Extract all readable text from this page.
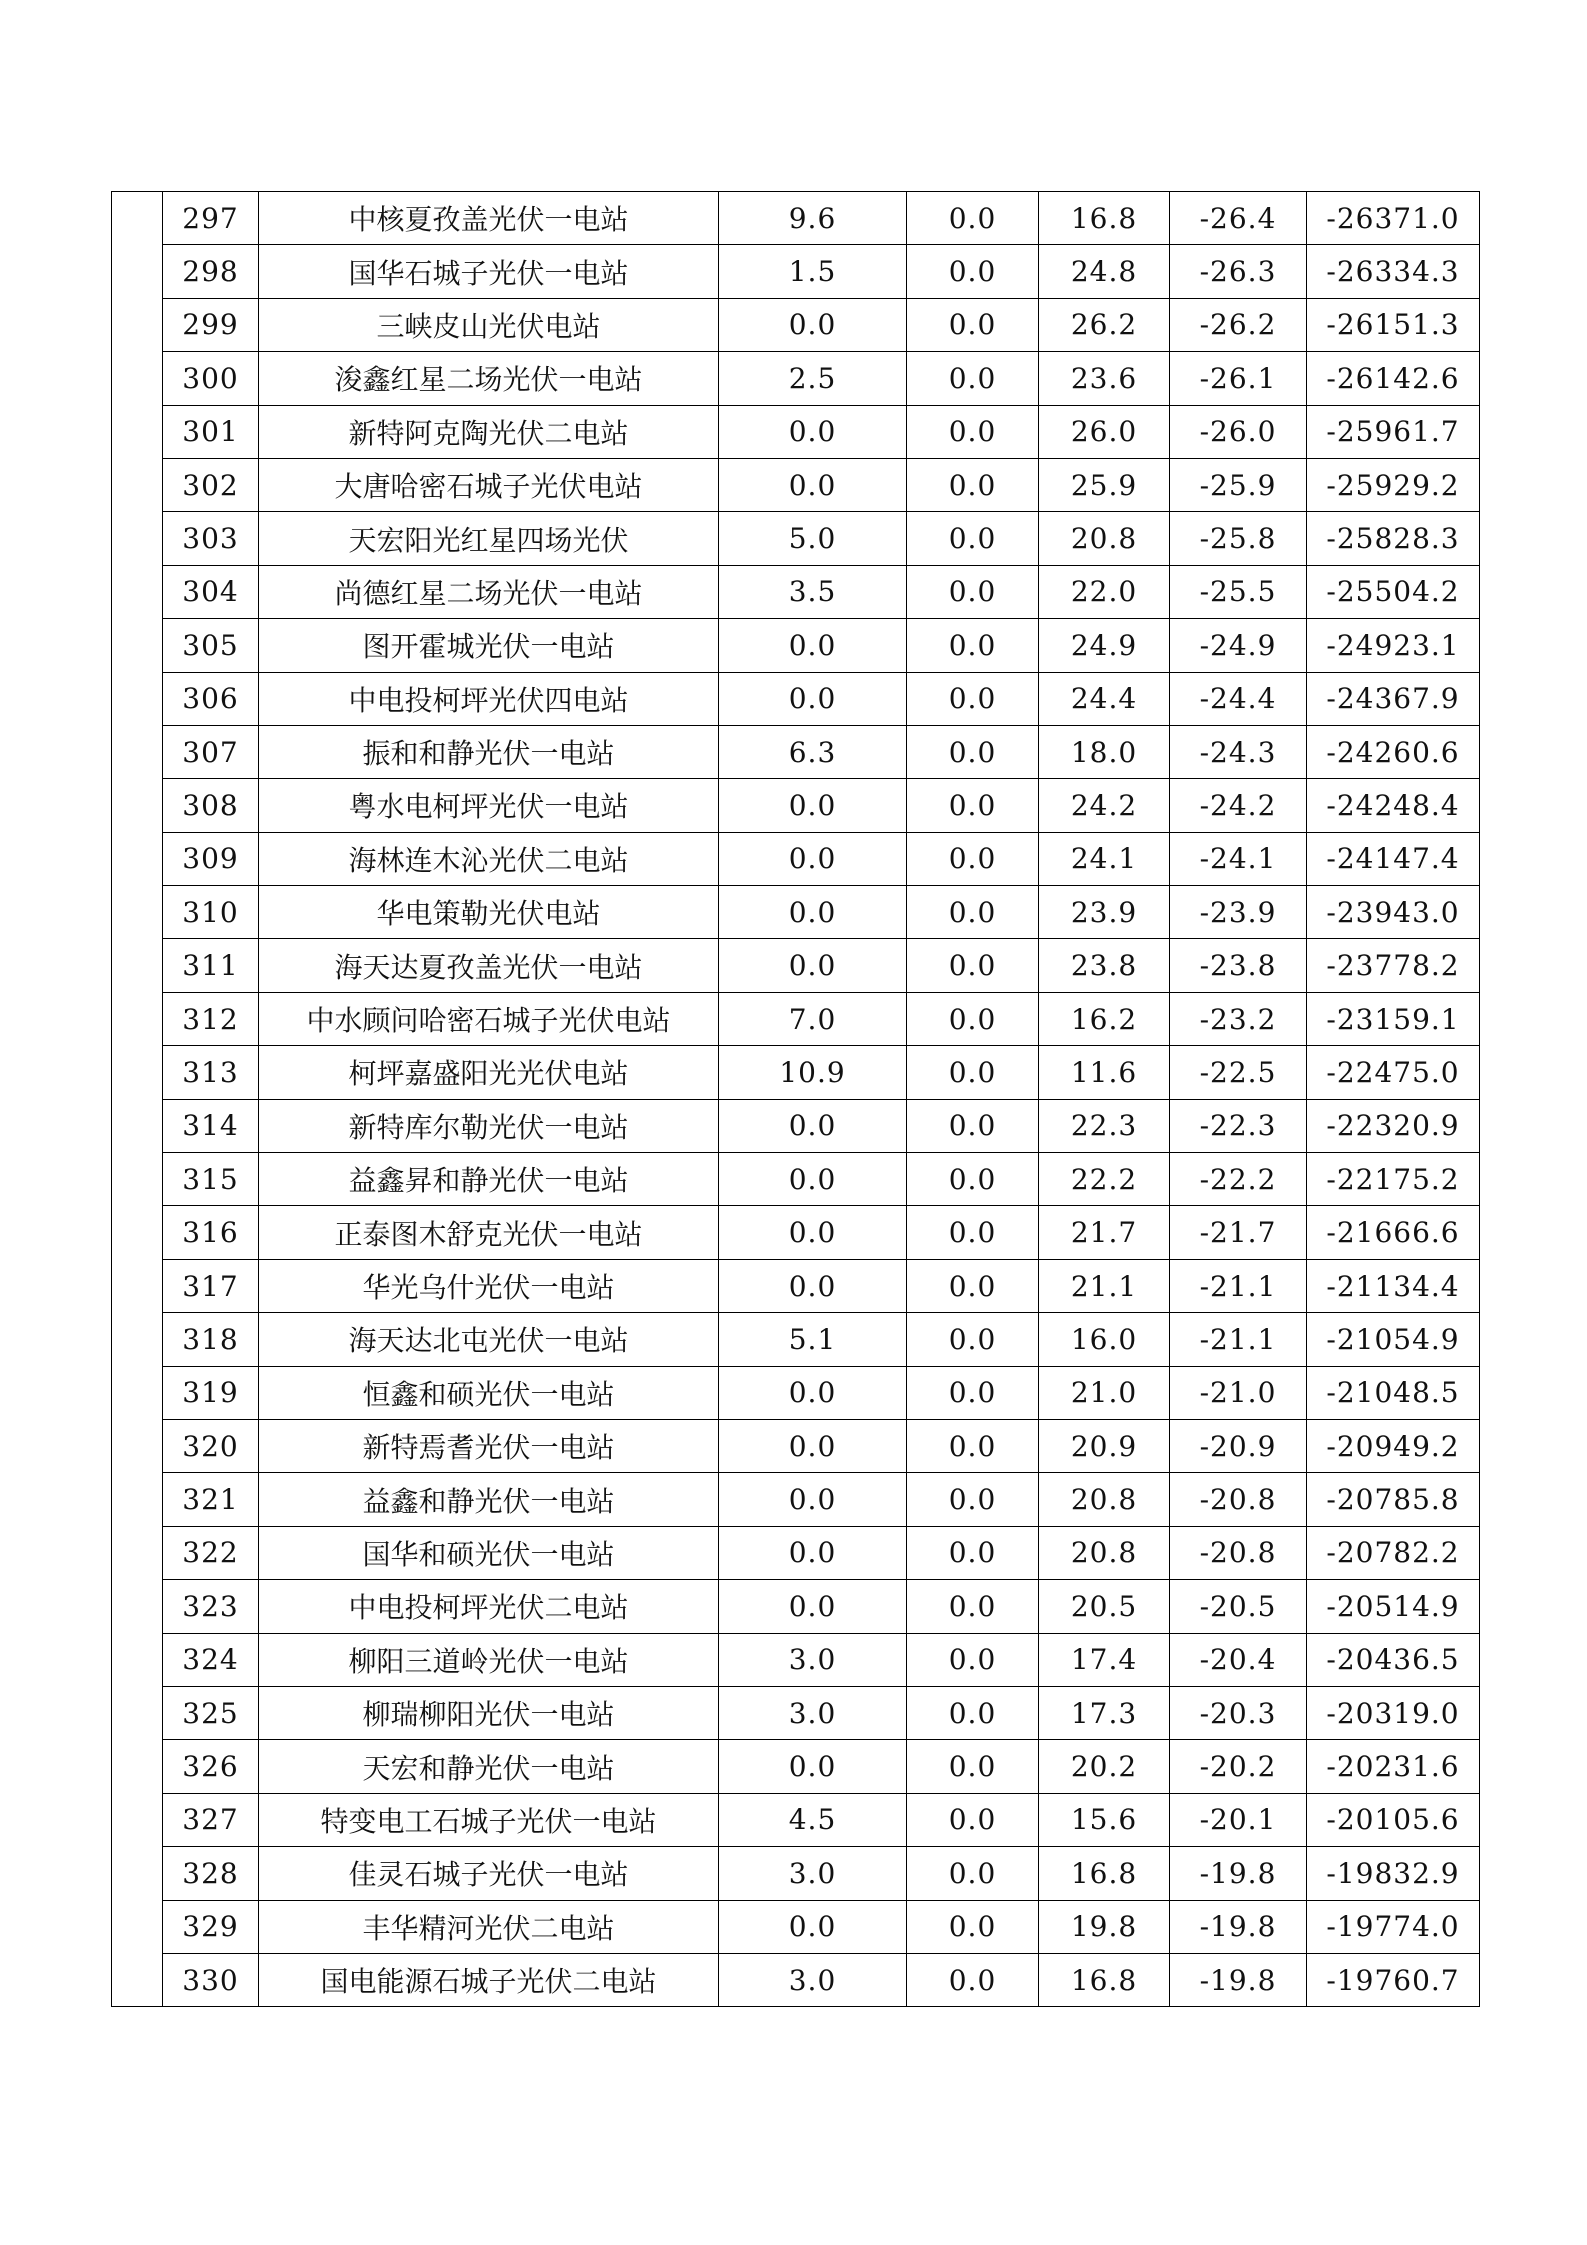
	297	中核夏孜盖光伏一电站	9.6	0.0	16.8	-26.4	-26371.0
	298	国华石城子光伏一电站	1.5	0.0	24.8	-26.3	-26334.3
	299	三峡皮山光伏电站	0.0	0.0	26.2	-26.2	-26151.3
	300	浚鑫红星二场光伏一电站	2.5	0.0	23.6	-26.1	-26142.6
	301	新特阿克陶光伏二电站	0.0	0.0	26.0	-26.0	-25961.7
	302	大唐哈密石城子光伏电站	0.0	0.0	25.9	-25.9	-25929.2
	303	天宏阳光红星四场光伏	5.0	0.0	20.8	-25.8	-25828.3
	304	尚德红星二场光伏一电站	3.5	0.0	22.0	-25.5	-25504.2
	305	图开霍城光伏一电站	0.0	0.0	24.9	-24.9	-24923.1
	306	中电投柯坪光伏四电站	0.0	0.0	24.4	-24.4	-24367.9
	307	振和和静光伏一电站	6.3	0.0	18.0	-24.3	-24260.6
	308	粤水电柯坪光伏一电站	0.0	0.0	24.2	-24.2	-24248.4
	309	海林连木沁光伏二电站	0.0	0.0	24.1	-24.1	-24147.4
	310	华电策勒光伏电站	0.0	0.0	23.9	-23.9	-23943.0
	311	海天达夏孜盖光伏一电站	0.0	0.0	23.8	-23.8	-23778.2
	312	中水顾问哈密石城子光伏电站	7.0	0.0	16.2	-23.2	-23159.1
	313	柯坪嘉盛阳光光伏电站	10.9	0.0	11.6	-22.5	-22475.0
	314	新特库尔勒光伏一电站	0.0	0.0	22.3	-22.3	-22320.9
	315	益鑫昇和静光伏一电站	0.0	0.0	22.2	-22.2	-22175.2
	316	正泰图木舒克光伏一电站	0.0	0.0	21.7	-21.7	-21666.6
	317	华光乌什光伏一电站	0.0	0.0	21.1	-21.1	-21134.4
	318	海天达北屯光伏一电站	5.1	0.0	16.0	-21.1	-21054.9
	319	恒鑫和硕光伏一电站	0.0	0.0	21.0	-21.0	-21048.5
	320	新特焉耆光伏一电站	0.0	0.0	20.9	-20.9	-20949.2
	321	益鑫和静光伏一电站	0.0	0.0	20.8	-20.8	-20785.8
	322	国华和硕光伏一电站	0.0	0.0	20.8	-20.8	-20782.2
	323	中电投柯坪光伏二电站	0.0	0.0	20.5	-20.5	-20514.9
	324	柳阳三道岭光伏一电站	3.0	0.0	17.4	-20.4	-20436.5
	325	柳瑞柳阳光伏一电站	3.0	0.0	17.3	-20.3	-20319.0
	326	天宏和静光伏一电站	0.0	0.0	20.2	-20.2	-20231.6
	327	特变电工石城子光伏一电站	4.5	0.0	15.6	-20.1	-20105.6
	328	佳灵石城子光伏一电站	3.0	0.0	16.8	-19.8	-19832.9
	329	丰华精河光伏二电站	0.0	0.0	19.8	-19.8	-19774.0
	330	国电能源石城子光伏二电站	3.0	0.0	16.8	-19.8	-19760.7
